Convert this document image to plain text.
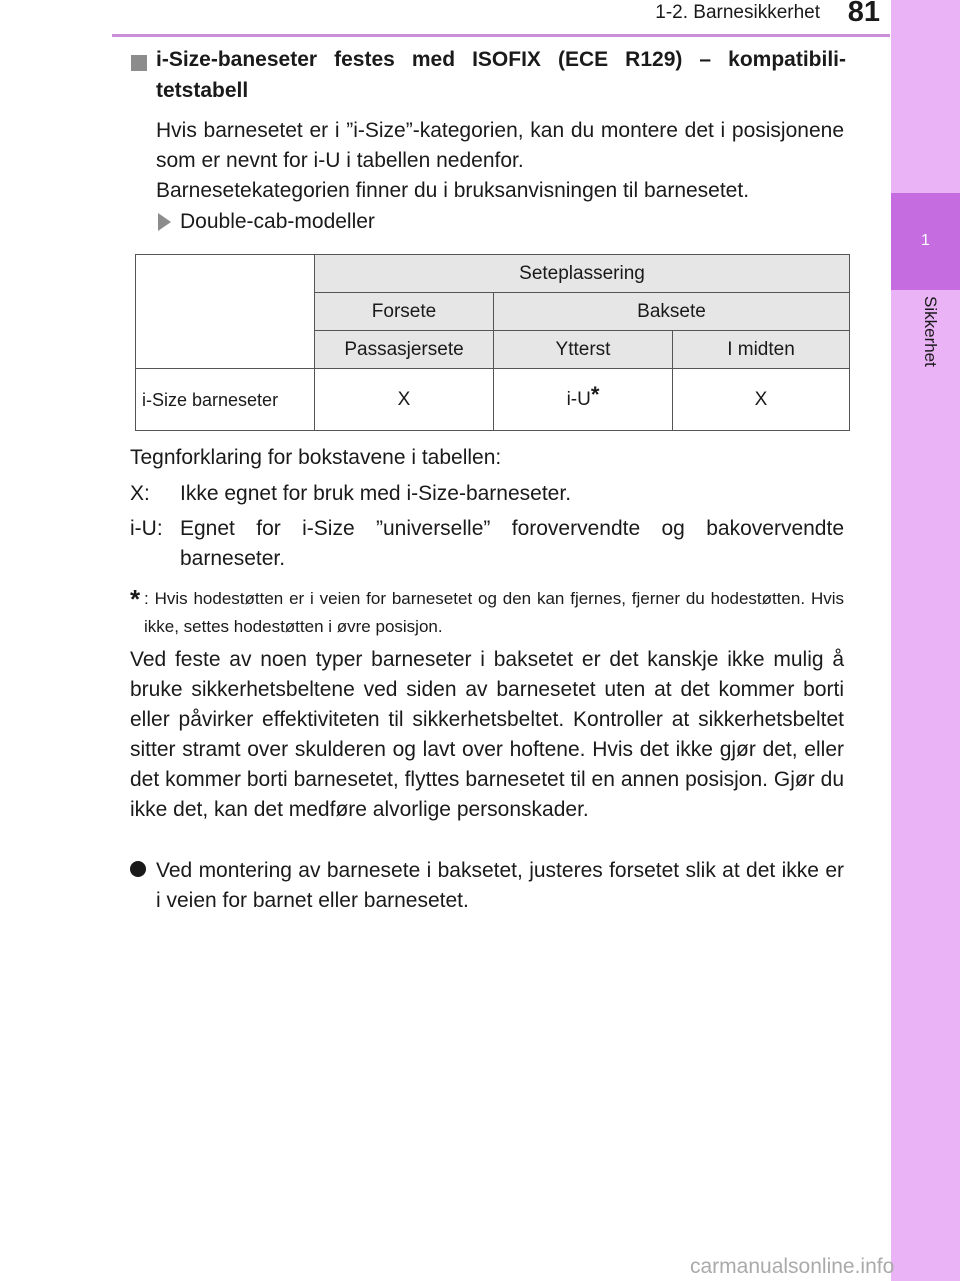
1-2. Barnesikkerhet 81
1
Sikkerhet
i-Size-baneseter festes med ISOFIX (ECE R129) – kompatibilitetstabell
Hvis barnesetet er i ”i-Size”-kategorien, kan du montere det i posisjonene som er nevnt for i-U i tabellen nedenfor.
Barnesetekategorien finner du i bruksanvisningen til barnesetet.
Double-cab-modeller
	Seteplassering		
	Forsete	Baksete	
	Passasjersete	Ytterst	I midten
i-Size barneseter	X	i-U*	X
Tegnforklaring for bokstavene i tabellen:
X: Ikke egnet for bruk med i-Size-barneseter.
i-U: Egnet for i-Size ”universelle” forovervendte og bakovervendte barneseter.
* : Hvis hodestøtten er i veien for barnesetet og den kan fjernes, fjerner du hodestøtten. Hvis ikke, settes hodestøtten i øvre posisjon.
Ved feste av noen typer barneseter i baksetet er det kanskje ikke mulig å bruke sikkerhetsbeltene ved siden av barnesetet uten at det kommer borti eller påvirker effektiviteten til sikkerhetsbeltet. Kontroller at sikkerhetsbeltet sitter stramt over skulderen og lavt over hoftene. Hvis det ikke gjør det, eller det kommer borti barnesetet, flyttes barnesetet til en annen posisjon. Gjør du ikke det, kan det medføre alvorlige personskader.
Ved montering av barnesete i baksetet, justeres forsetet slik at det ikke er i veien for barnet eller barnesetet.
carmanualsonline.info
